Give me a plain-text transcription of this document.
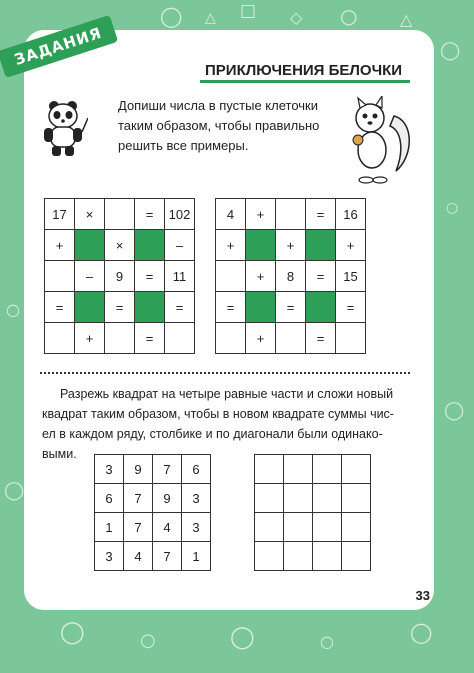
◯ △ ☐ ◇ ○	△
◯
○
◯
○
◯
◯	○	◯	○	◯
ЗАДАНИЯ
ПРИКЛЮЧЕНИЯ БЕЛОЧКИ
Допиши числа в пустые клеточки
таким образом, чтобы правильно
решить все примеры.
17	×		=	102
+		×		–
	–	9	=	11
=		=		=
	+		=	
4	+		=	16
+		+		+
	+	8	=	15
=		=		=
	+		=	
Разрежь квадрат на четыре равные части и сложи новый
квадрат таким образом, чтобы в новом квадрате суммы чис-
ел в каждом ряду, столбике и по диагонали были одинако-
выми.
3	9	7	6
6	7	9	3
1	7	4	3
3	4	7	1

33
